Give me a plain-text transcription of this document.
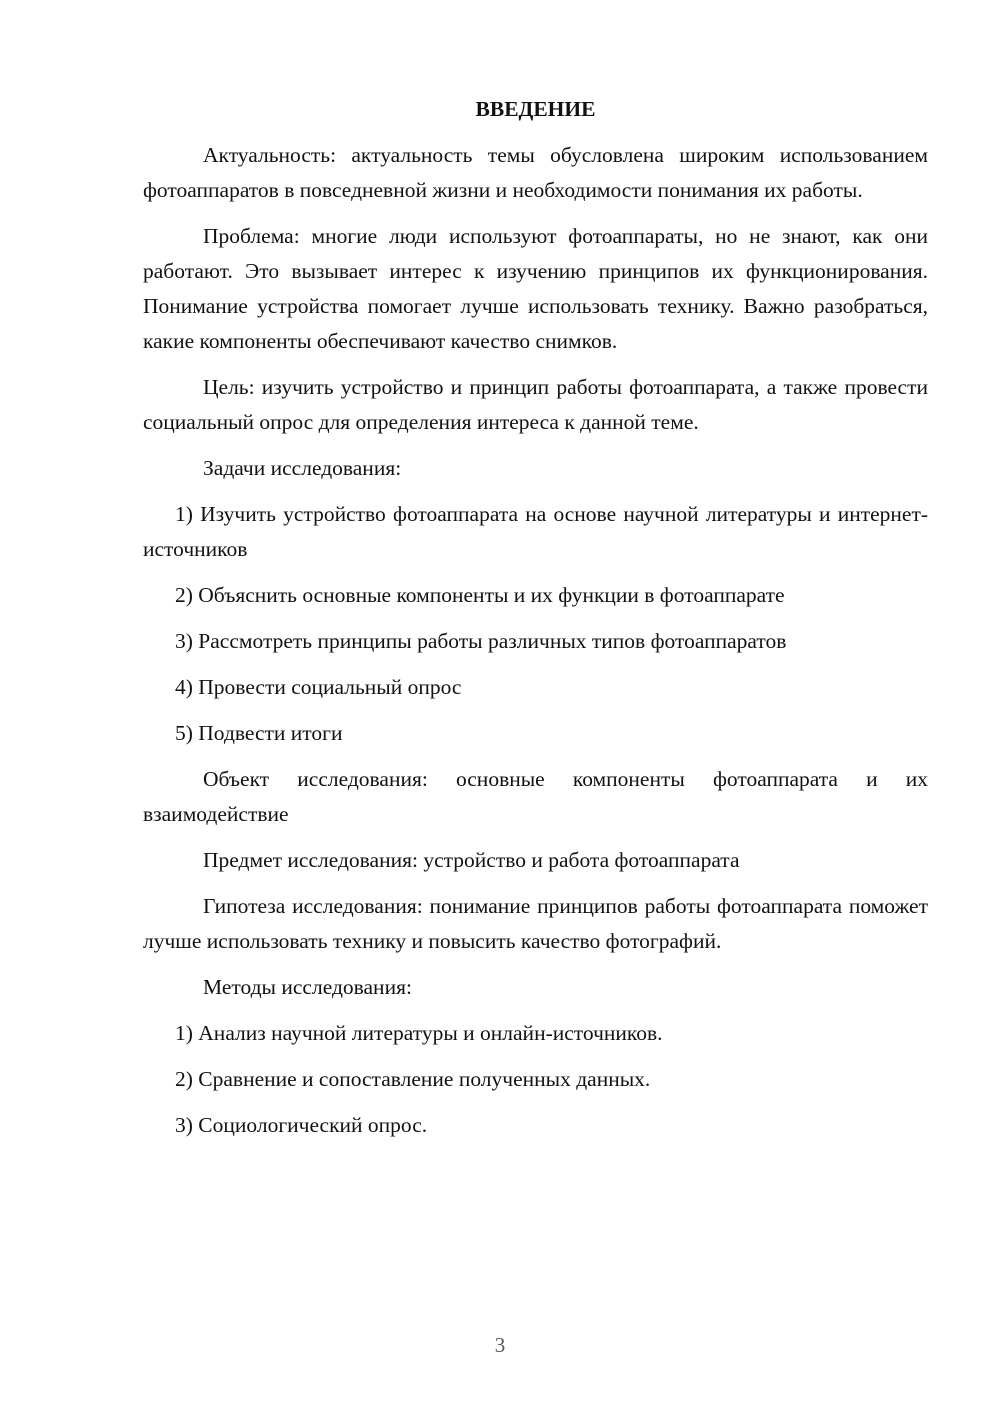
ВВЕДЕНИЕ

Актуальность: актуальность темы обусловлена широким использованием фотоаппаратов в повседневной жизни и необходимости понимания их работы.

Проблема: многие люди используют фотоаппараты, но не знают, как они работают. Это вызывает интерес к изучению принципов их функционирования. Понимание устройства помогает лучше использовать технику. Важно разобраться, какие компоненты обеспечивают качество снимков.

Цель: изучить устройство и принцип работы фотоаппарата, а также провести социальный опрос для определения интереса к данной теме.

Задачи исследования:

1) Изучить устройство фотоаппарата на основе научной литературы и интернет-источников

2) Объяснить основные компоненты и их функции в фотоаппарате

3) Рассмотреть принципы работы различных типов фотоаппаратов

4) Провести социальный опрос

5) Подвести итоги

Объект исследования: основные компоненты фотоаппарата и их взаимодействие

Предмет исследования: устройство и работа фотоаппарата

Гипотеза исследования: понимание принципов работы фотоаппарата поможет лучше использовать технику и повысить качество фотографий.

Методы исследования:

1) Анализ научной литературы и онлайн-источников.

2) Сравнение и сопоставление полученных данных.

3) Социологический опрос.

3
